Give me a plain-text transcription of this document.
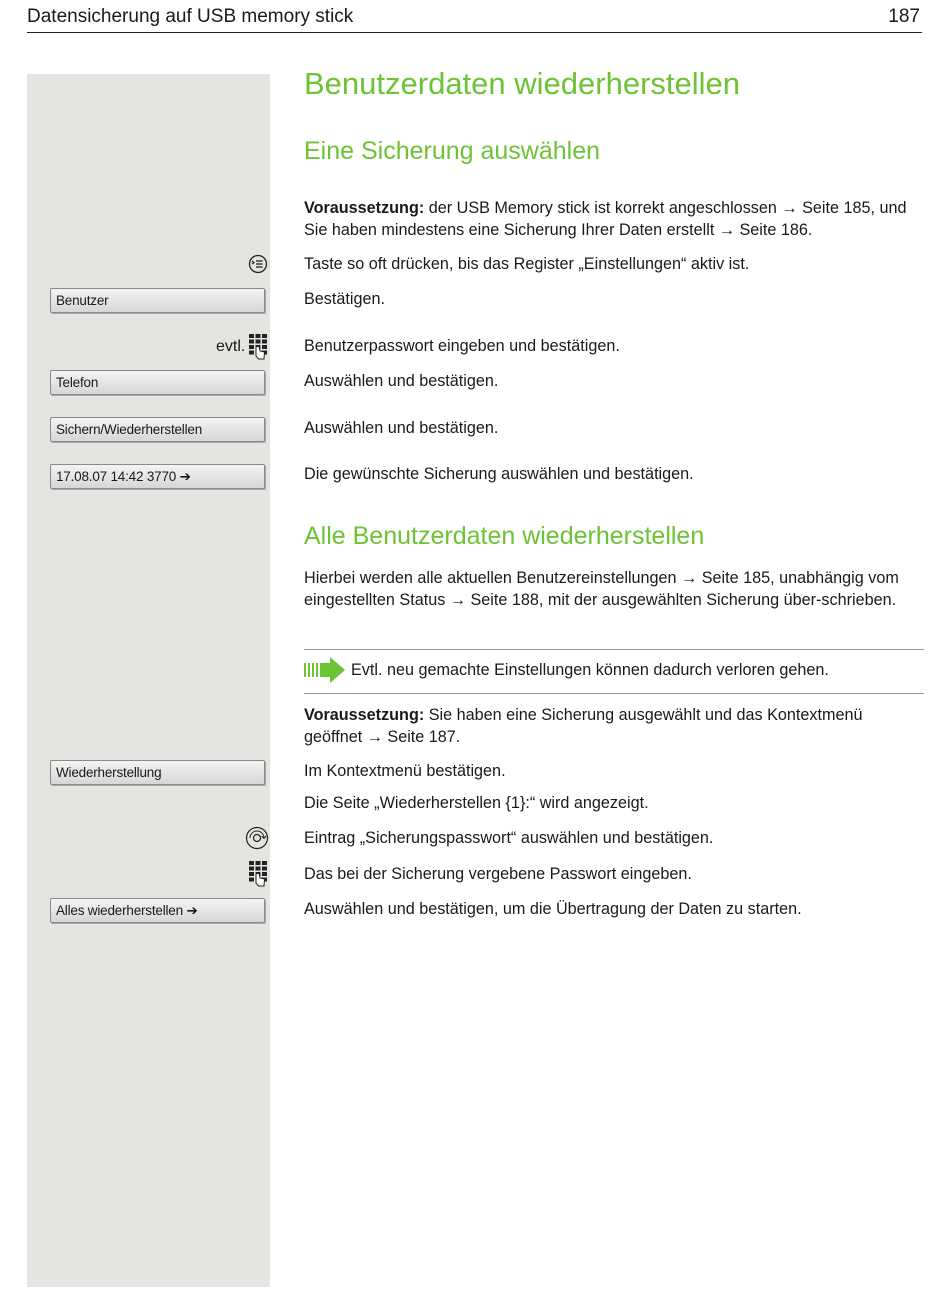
Datensicherung auf USB memory stick	187
Benutzer
evtl.
Telefon
Sichern/Wiederherstellen
17.08.07 14:42 3770 ➔
Wiederherstellung
Alles wiederherstellen ➔
Benutzerdaten wiederherstellen
Eine Sicherung auswählen

Voraussetzung: der USB Memory stick ist korrekt angeschlossen → Seite 185, und Sie haben mindestens eine Sicherung Ihrer Daten erstellt → Seite 186.

Taste so oft drücken, bis das Register „Einstellungen“ aktiv ist.

Bestätigen.

Benutzerpasswort eingeben und bestätigen.

Auswählen und bestätigen.

Auswählen und bestätigen.

Die gewünschte Sicherung auswählen und bestätigen.

Alle Benutzerdaten wiederherstellen

Hierbei werden alle aktuellen Benutzereinstellungen → Seite 185, unabhängig vom eingestellten Status → Seite 188, mit der ausgewählten Sicherung über-schrieben.

Evtl. neu gemachte Einstellungen können dadurch verloren gehen.

Voraussetzung: Sie haben eine Sicherung ausgewählt und das Kontextmenü geöffnet → Seite 187.

Im Kontextmenü bestätigen.

Die Seite „Wiederherstellen {1}:“ wird angezeigt.

Eintrag „Sicherungspasswort“ auswählen und bestätigen.

Das bei der Sicherung vergebene Passwort eingeben.

Auswählen und bestätigen, um die Übertragung der Daten zu starten.
